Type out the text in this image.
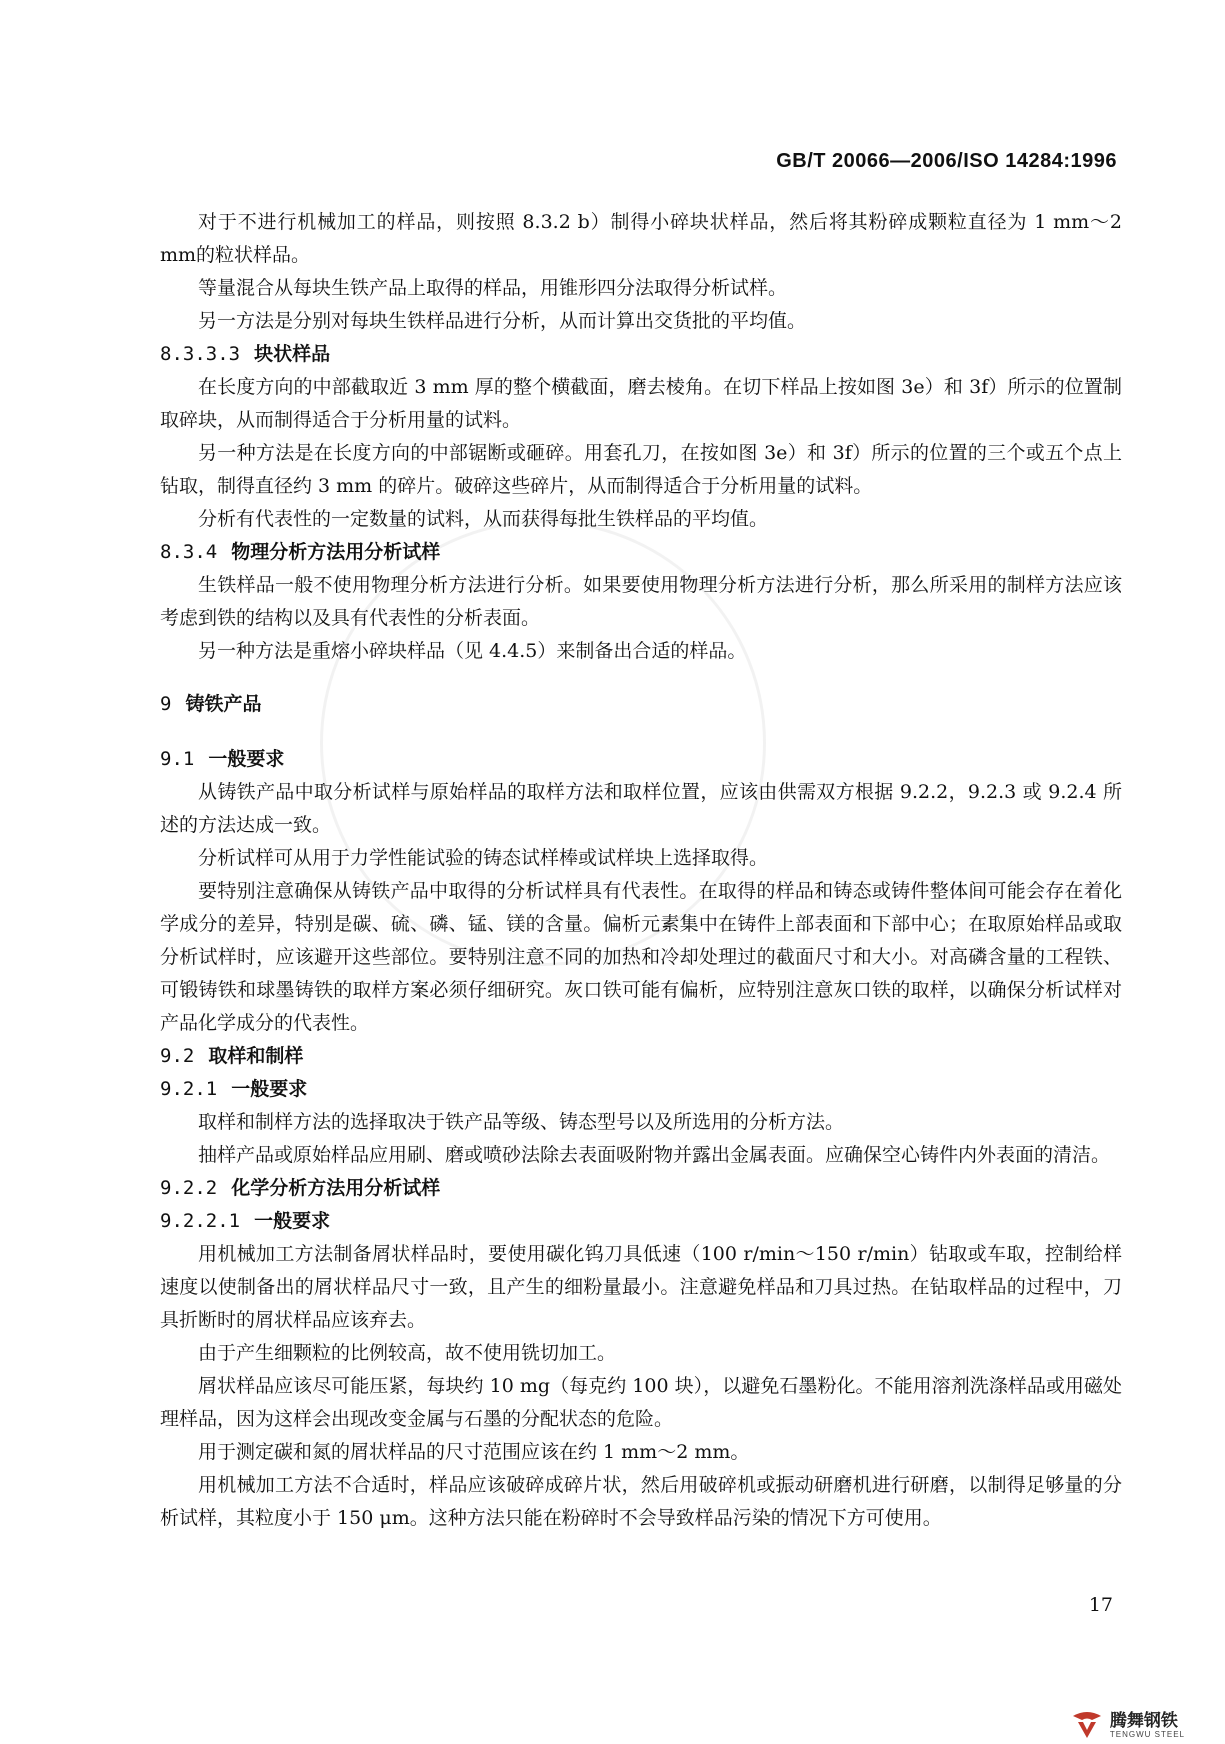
GB/T 20066—2006/ISO 14284:1996

对于不进行机械加工的样品，则按照 8.3.2 b）制得小碎块状样品，然后将其粉碎成颗粒直径为 1 mm～2 mm的粒状样品。

等量混合从每块生铁产品上取得的样品，用锥形四分法取得分析试样。

另一方法是分别对每块生铁样品进行分析，从而计算出交货批的平均值。

8.3.3.3 块状样品

在长度方向的中部截取近 3 mm 厚的整个横截面，磨去棱角。在切下样品上按如图 3e）和 3f）所示的位置制取碎块，从而制得适合于分析用量的试料。

另一种方法是在长度方向的中部锯断或砸碎。用套孔刀，在按如图 3e）和 3f）所示的位置的三个或五个点上钻取，制得直径约 3 mm 的碎片。破碎这些碎片，从而制得适合于分析用量的试料。

分析有代表性的一定数量的试料，从而获得每批生铁样品的平均值。

8.3.4 物理分析方法用分析试样

生铁样品一般不使用物理分析方法进行分析。如果要使用物理分析方法进行分析，那么所采用的制样方法应该考虑到铁的结构以及具有代表性的分析表面。

另一种方法是重熔小碎块样品（见 4.4.5）来制备出合适的样品。

9 铸铁产品

9.1 一般要求

从铸铁产品中取分析试样与原始样品的取样方法和取样位置，应该由供需双方根据 9.2.2，9.2.3 或 9.2.4 所述的方法达成一致。

分析试样可从用于力学性能试验的铸态试样棒或试样块上选择取得。

要特别注意确保从铸铁产品中取得的分析试样具有代表性。在取得的样品和铸态或铸件整体间可能会存在着化学成分的差异，特别是碳、硫、磷、锰、镁的含量。偏析元素集中在铸件上部表面和下部中心；在取原始样品或取分析试样时，应该避开这些部位。要特别注意不同的加热和冷却处理过的截面尺寸和大小。对高磷含量的工程铁、可锻铸铁和球墨铸铁的取样方案必须仔细研究。灰口铁可能有偏析，应特别注意灰口铁的取样，以确保分析试样对产品化学成分的代表性。

9.2 取样和制样

9.2.1 一般要求

取样和制样方法的选择取决于铁产品等级、铸态型号以及所选用的分析方法。

抽样产品或原始样品应用刷、磨或喷砂法除去表面吸附物并露出金属表面。应确保空心铸件内外表面的清洁。

9.2.2 化学分析方法用分析试样

9.2.2.1 一般要求

用机械加工方法制备屑状样品时，要使用碳化钨刀具低速（100 r/min～150 r/min）钻取或车取，控制给样速度以使制备出的屑状样品尺寸一致，且产生的细粉量最小。注意避免样品和刀具过热。在钻取样品的过程中，刀具折断时的屑状样品应该弃去。

由于产生细颗粒的比例较高，故不使用铣切加工。

屑状样品应该尽可能压紧，每块约 10 mg（每克约 100 块），以避免石墨粉化。不能用溶剂洗涤样品或用磁处理样品，因为这样会出现改变金属与石墨的分配状态的危险。

用于测定碳和氮的屑状样品的尺寸范围应该在约 1 mm～2 mm。

用机械加工方法不合适时，样品应该破碎成碎片状，然后用破碎机或振动研磨机进行研磨，以制得足够量的分析试样，其粒度小于 150 μm。这种方法只能在粉碎时不会导致样品污染的情况下方可使用。

17
腾舞钢铁
TENGWU STEEL
